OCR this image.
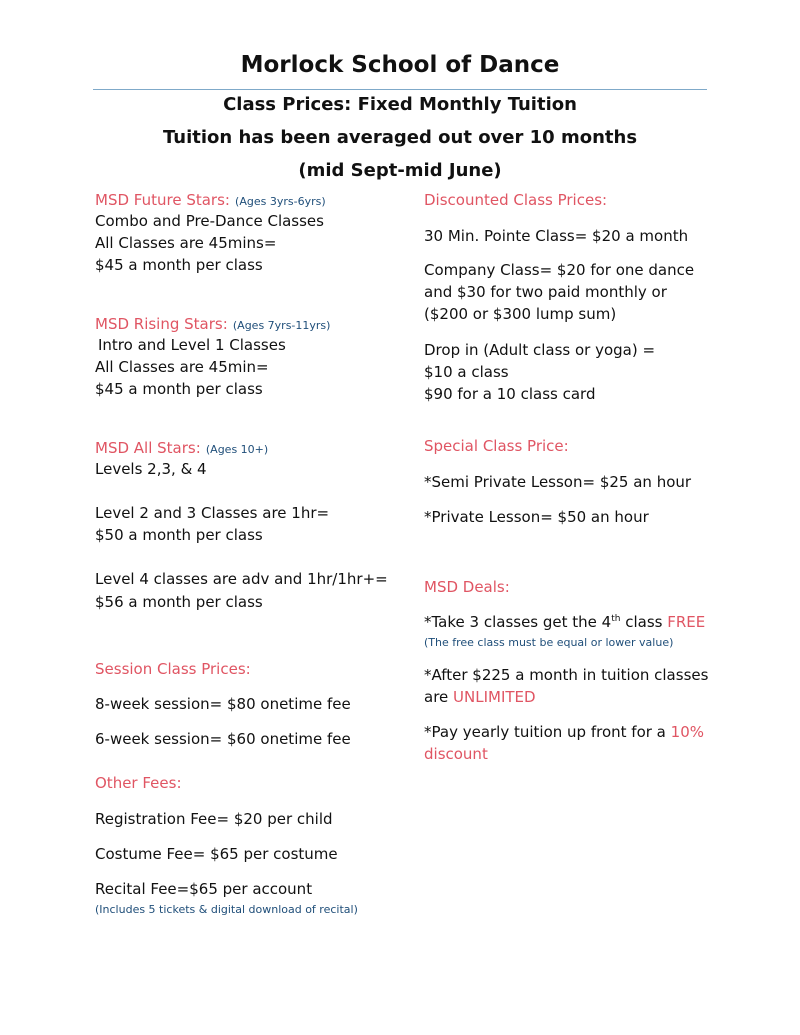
Morlock School of Dance
Class Prices: Fixed Monthly Tuition
Tuition has been averaged out over 10 months
(mid Sept-mid June)
MSD Future Stars: (Ages 3yrs-6yrs)
Combo and Pre-Dance Classes
All Classes are 45mins=
$45 a month per class
MSD Rising Stars: (Ages 7yrs-11yrs)
Intro and Level 1 Classes
All Classes are 45min=
$45 a month per class
MSD All Stars: (Ages 10+)
Levels 2,3, & 4
Level 2 and 3 Classes are 1hr=
$50 a month per class
Level 4 classes are adv and 1hr/1hr+=
$56 a month per class
Session Class Prices:
8-week session= $80 onetime fee
6-week session= $60 onetime fee
Other Fees:
Registration Fee= $20 per child
Costume Fee= $65 per costume
Recital Fee=$65 per account
(Includes 5 tickets & digital download of recital)
Discounted Class Prices:
30 Min. Pointe Class= $20 a month
Company Class= $20 for one dance
and $30 for two paid monthly or
($200 or $300 lump sum)
Drop in (Adult class or yoga) =
$10 a class
$90 for a 10 class card
Special Class Price:
*Semi Private Lesson= $25 an hour
*Private Lesson= $50 an hour
MSD Deals:
*Take 3 classes get the 4th class FREE
(The free class must be equal or lower value)
*After $225 a month in tuition classes
are UNLIMITED
*Pay yearly tuition up front for a 10%
discount
